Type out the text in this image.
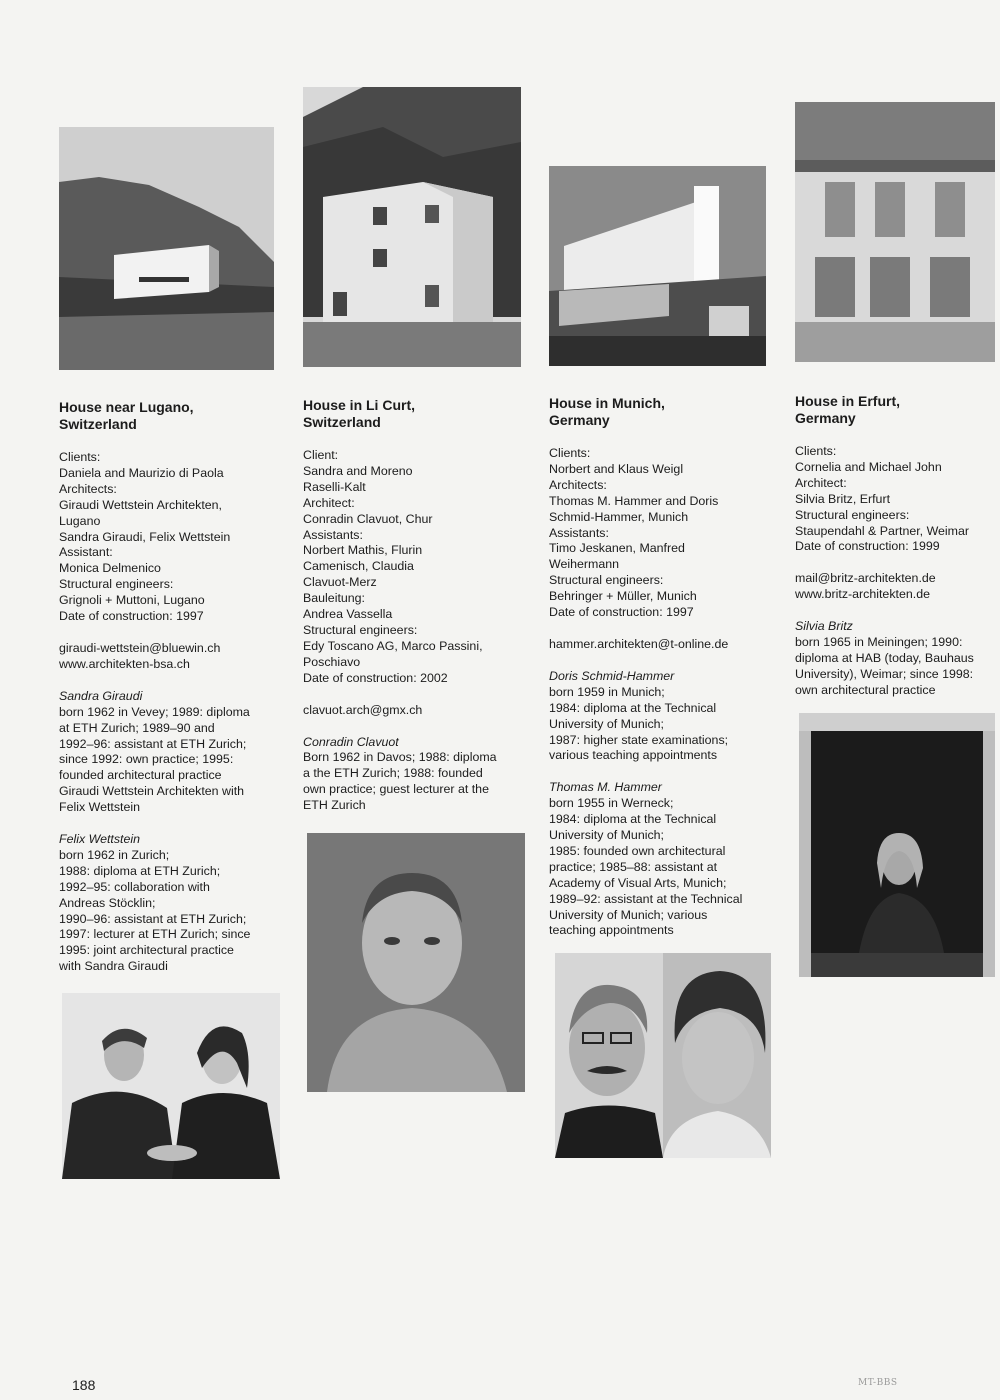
House near Lugano,
Switzerland
Clients:
Daniela and Maurizio di Paola
Architects:
Giraudi Wettstein Architekten,
Lugano
Sandra Giraudi, Felix Wettstein
Assistant:
Monica Delmenico
Structural engineers:
Grignoli + Muttoni, Lugano
Date of construction: 1997
giraudi-wettstein@bluewin.ch
www.architekten-bsa.ch
Sandra Giraudi
born 1962 in Vevey; 1989: diploma
at ETH Zurich; 1989–90 and
1992–96: assistant at ETH Zurich;
since 1992: own practice; 1995:
founded architectural practice
Giraudi Wettstein Architekten with
Felix Wettstein
Felix Wettstein
born 1962 in Zurich;
1988: diploma at ETH Zurich;
1992–95: collaboration with
Andreas Stöcklin;
1990–96: assistant at ETH Zurich;
1997: lecturer at ETH Zurich; since
1995: joint architectural practice
with Sandra Giraudi
House in Li Curt,
Switzerland
Client:
Sandra and Moreno
Raselli-Kalt
Architect:
Conradin Clavuot, Chur
Assistants:
Norbert Mathis, Flurin
Camenisch, Claudia
Clavuot-Merz
Bauleitung:
Andrea Vassella
Structural engineers:
Edy Toscano AG, Marco Passini,
Poschiavo
Date of construction: 2002
clavuot.arch@gmx.ch
Conradin Clavuot
Born 1962 in Davos; 1988: diploma
a the ETH Zurich; 1988: founded
own practice; guest lecturer at the
ETH Zurich
House in Munich,
Germany
Clients:
Norbert and Klaus Weigl
Architects:
Thomas M. Hammer and Doris
Schmid-Hammer, Munich
Assistants:
Timo Jeskanen, Manfred
Weihermann
Structural engineers:
Behringer + Müller, Munich
Date of construction: 1997
hammer.architekten@t-online.de
Doris Schmid-Hammer
born 1959 in Munich;
1984: diploma at the Technical
University of Munich;
1987: higher state examinations;
various teaching appointments
Thomas M. Hammer
born 1955 in Werneck;
1984: diploma at the Technical
University of Munich;
1985: founded own architectural
practice; 1985–88: assistant at
Academy of Visual Arts, Munich;
1989–92: assistant at the Technical
University of Munich; various
teaching appointments
House in Erfurt,
Germany
Clients:
Cornelia and Michael John
Architect:
Silvia Britz, Erfurt
Structural engineers:
Staupendahl & Partner, Weimar
Date of construction: 1999
mail@britz-architekten.de
www.britz-architekten.de
Silvia Britz
born 1965 in Meiningen; 1990:
diploma at HAB (today, Bauhaus
University), Weimar; since 1998:
own architectural practice
188	MT-BBS
